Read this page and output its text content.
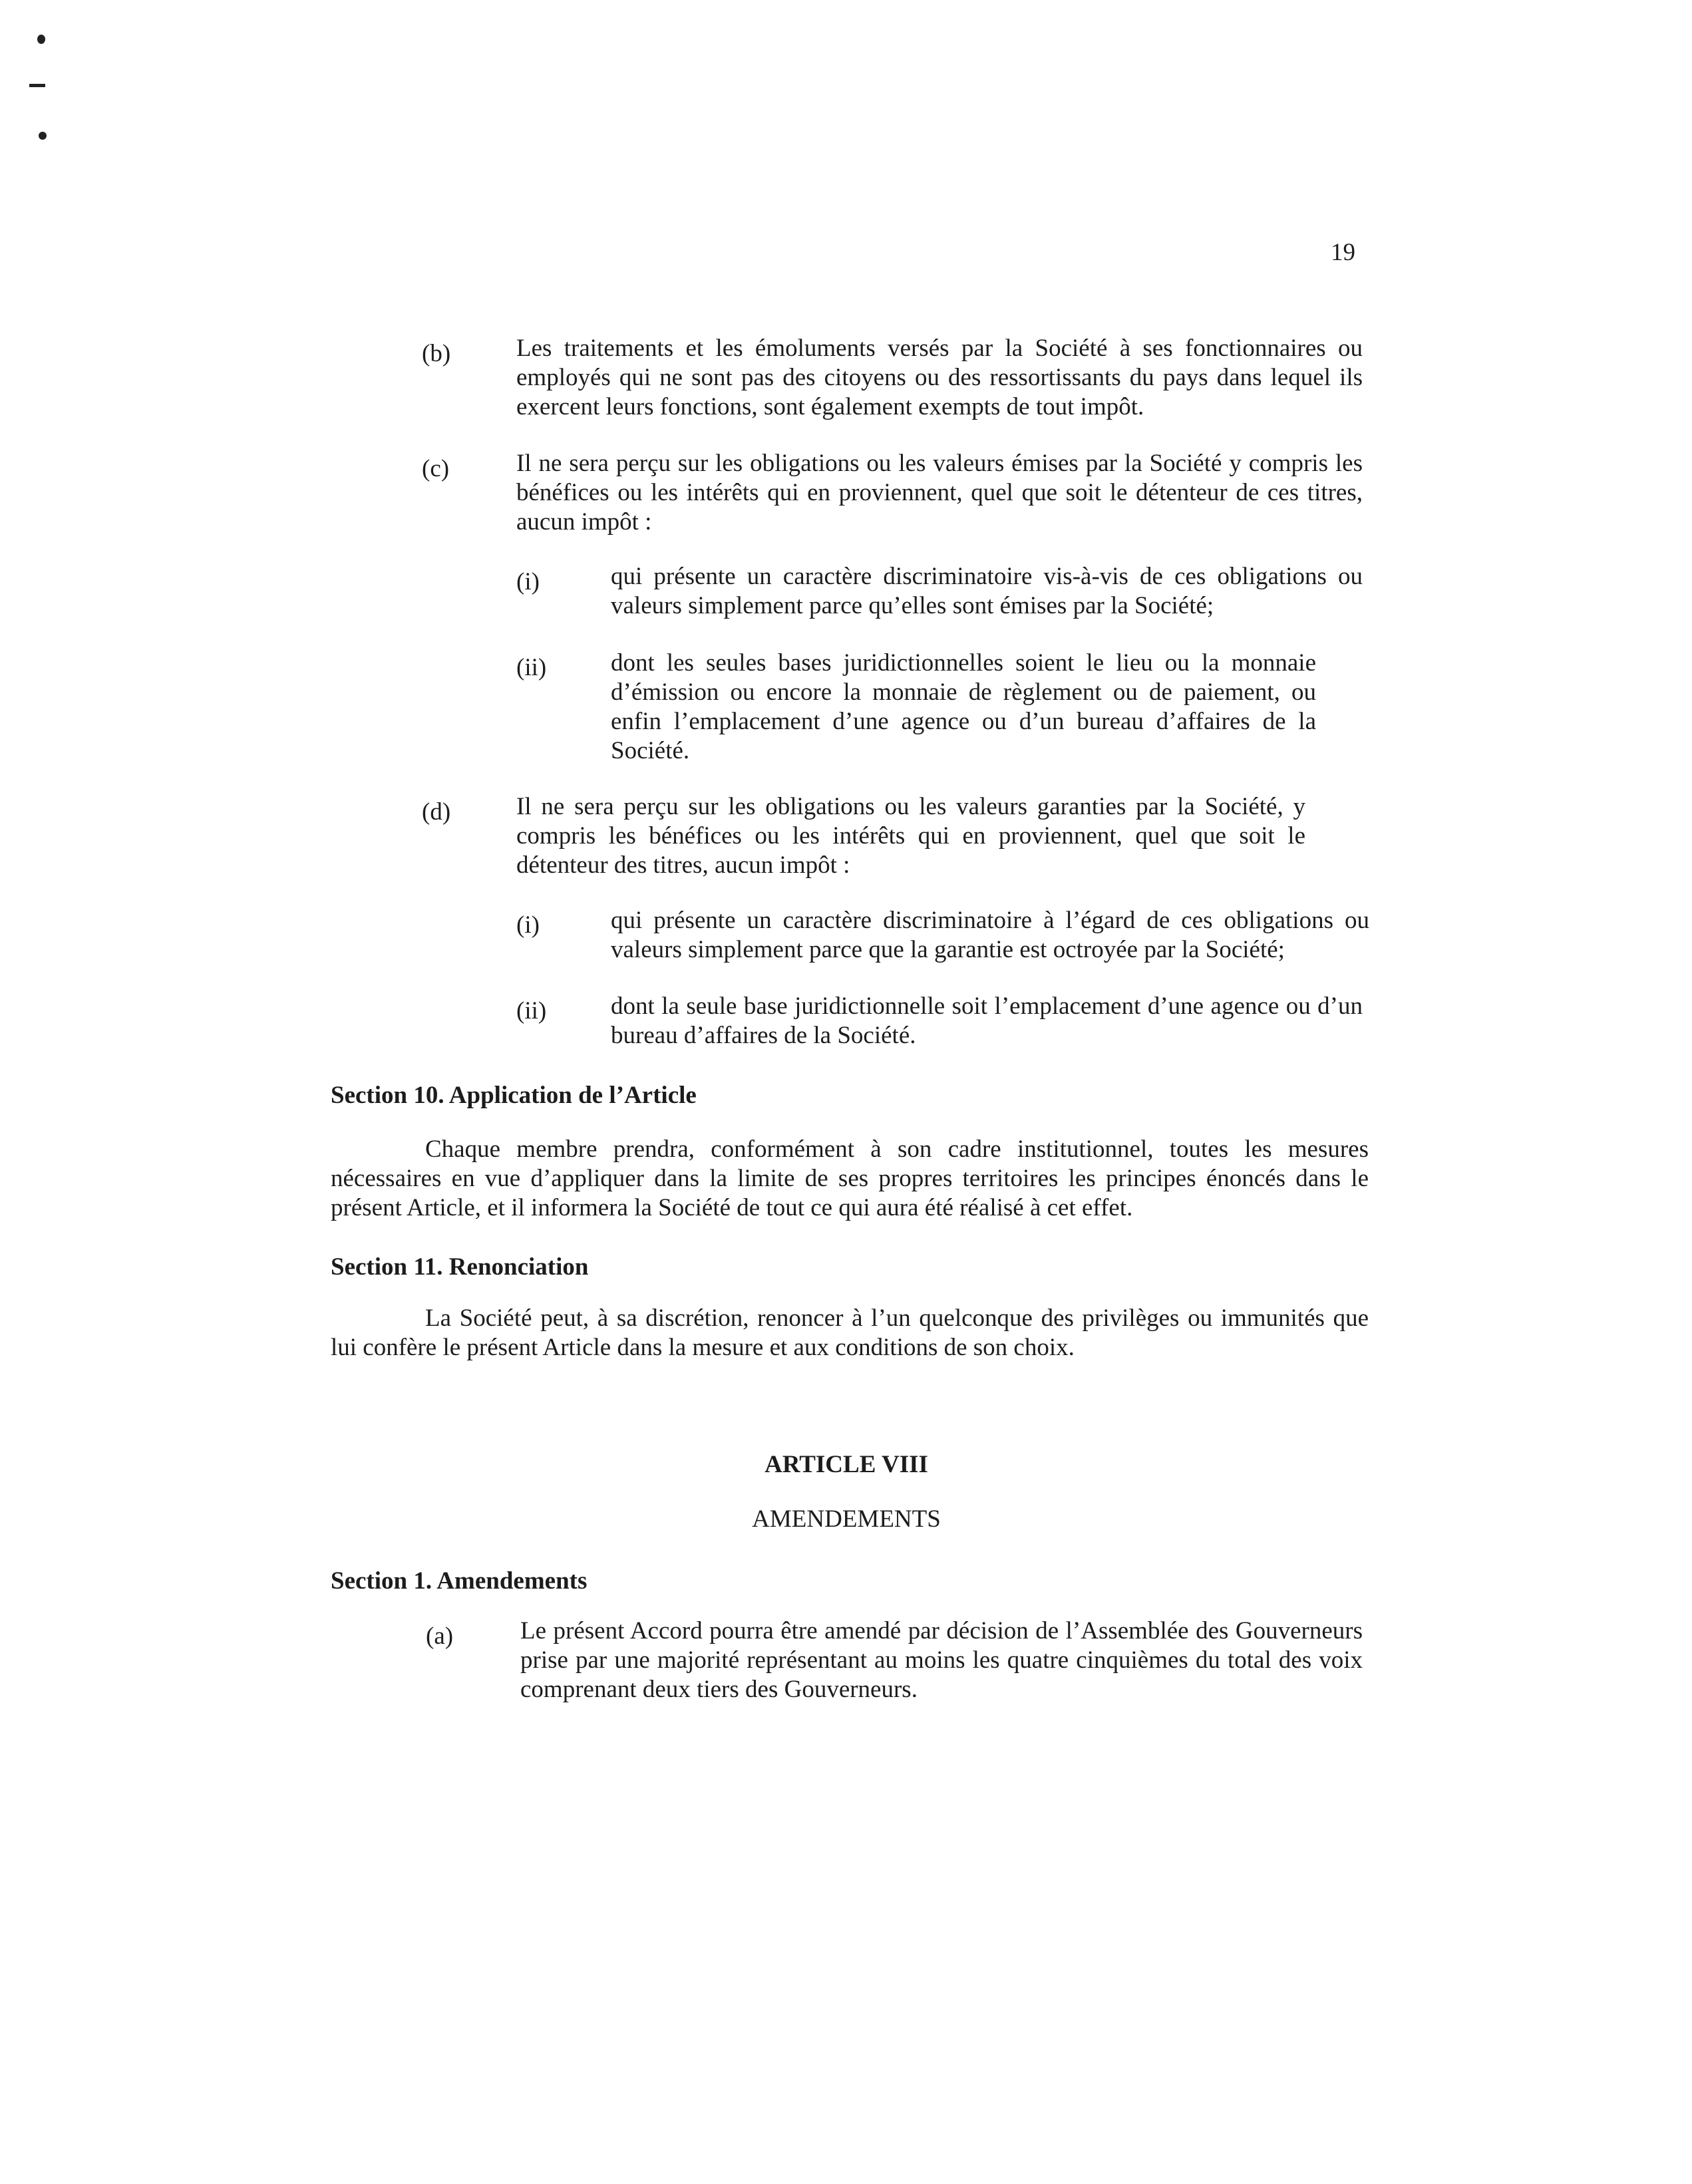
19
(b)	Les traitements et les émoluments versés par la Société à ses fonctionnaires ou employés qui ne sont pas des citoyens ou des ressortissants du pays dans lequel ils exercent leurs fonctions, sont également exempts de tout impôt.

(c)	Il ne sera perçu sur les obligations ou les valeurs émises par la Société y compris les bénéfices ou les intérêts qui en proviennent, quel que soit le détenteur de ces titres, aucun impôt :

(i)	qui présente un caractère discriminatoire vis-à-vis de ces obligations ou valeurs simplement parce qu’elles sont émises par la Société;

(ii)	dont les seules bases juridictionnelles soient le lieu ou la monnaie d’émission ou encore la monnaie de règlement ou de paiement, ou enfin l’emplacement d’une agence ou d’un bureau d’affaires de la Société.

(d)	Il ne sera perçu sur les obligations ou les valeurs garanties par la Société, y compris les bénéfices ou les intérêts qui en proviennent, quel que soit le détenteur des titres, aucun impôt :

(i)	qui présente un caractère discriminatoire à l’égard de ces obligations ou valeurs simplement parce que la garantie est octroyée par la Société;

(ii)	dont la seule base juridictionnelle soit l’emplacement d’une agence ou d’un bureau d’affaires de la Société.

Section 10. Application de l’Article

Chaque membre prendra, conformément à son cadre institutionnel, toutes les mesures nécessaires en vue d’appliquer dans la limite de ses propres territoires les principes énoncés dans le présent Article, et il informera la Société de tout ce qui aura été réalisé à cet effet.

Section 11. Renonciation

La Société peut, à sa discrétion, renoncer à l’un quelconque des privilèges ou immunités que lui confère le présent Article dans la mesure et aux conditions de son choix.

ARTICLE VIII

AMENDEMENTS

Section 1. Amendements

(a)	Le présent Accord pourra être amendé par décision de l’Assemblée des Gouverneurs prise par une majorité représentant au moins les quatre cinquièmes du total des voix comprenant deux tiers des Gouverneurs.
